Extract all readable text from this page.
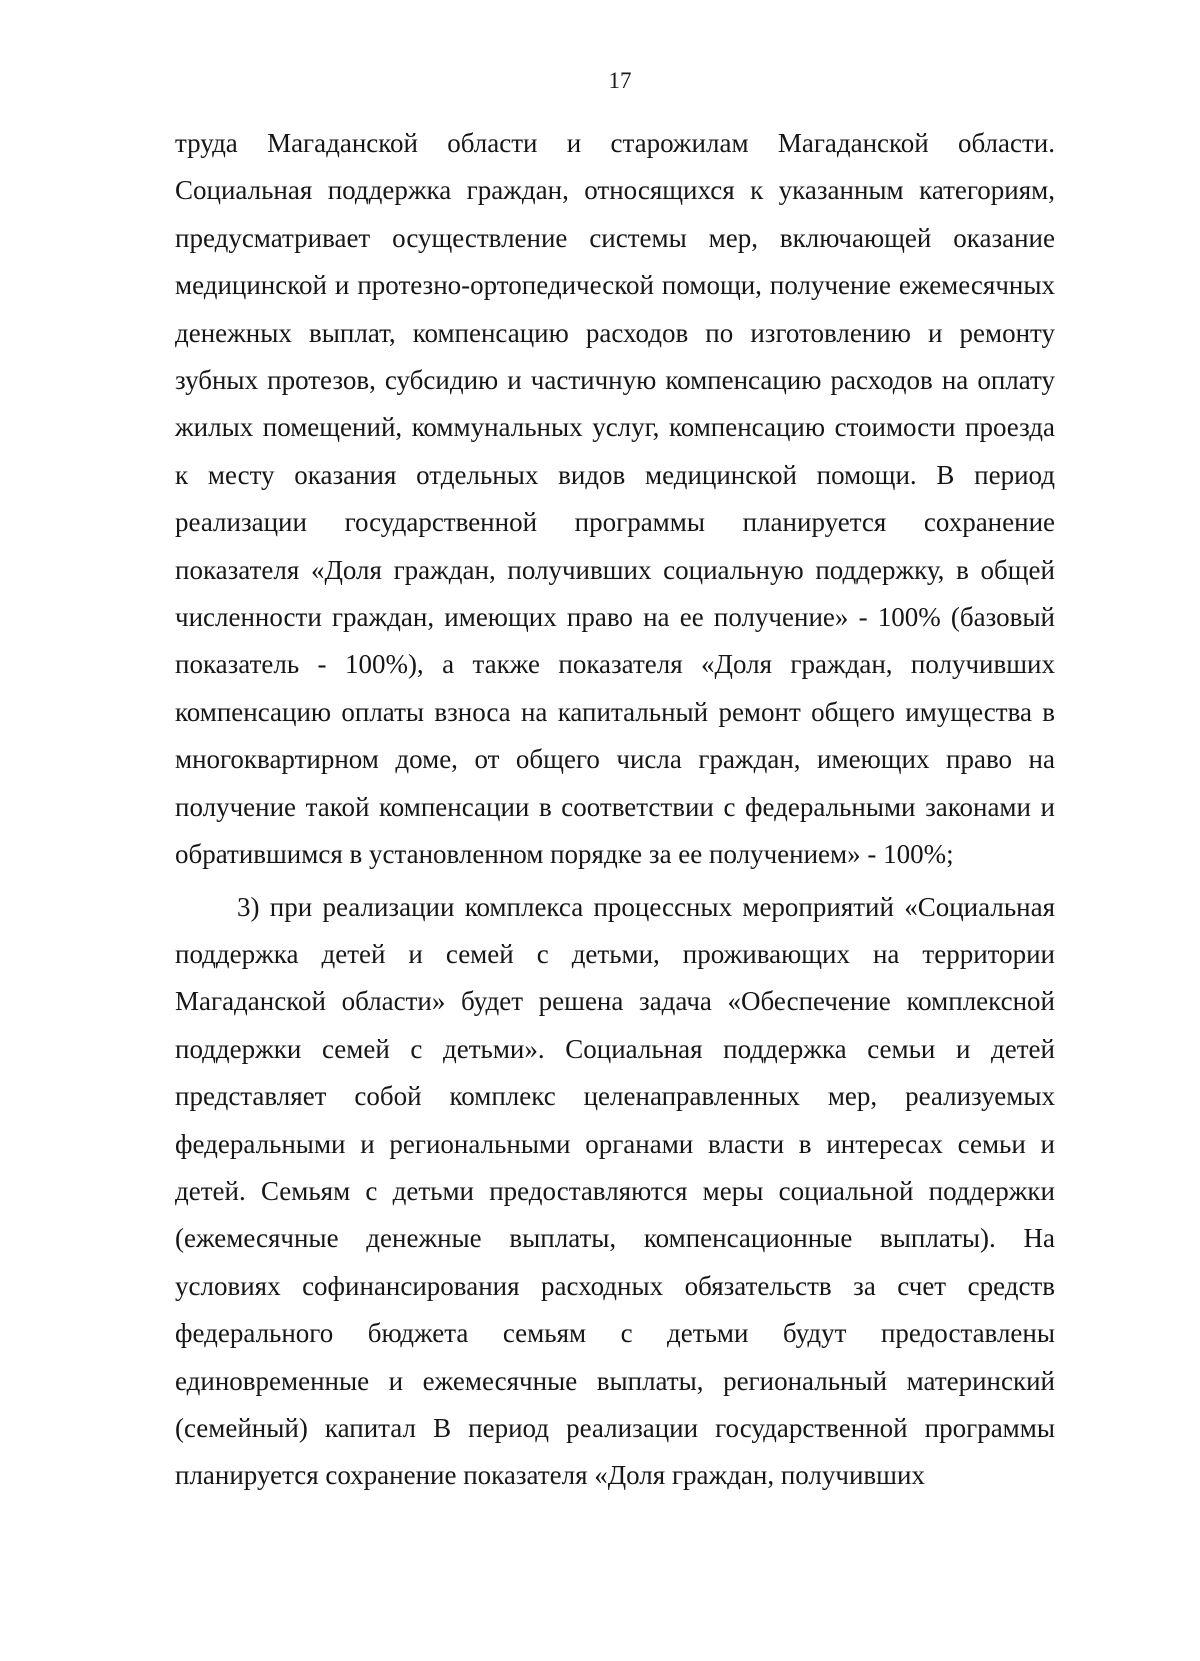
17

труда Магаданской области и старожилам Магаданской области. Социальная поддержка граждан, относящихся к указанным категориям, предусматривает осуществление системы мер, включающей оказание медицинской и протезно-ортопедической помощи, получение ежемесячных денежных выплат, компенсацию расходов по изготовлению и ремонту зубных протезов, субсидию и частичную компенсацию расходов на оплату жилых помещений, коммунальных услуг, компенсацию стоимости проезда к месту оказания отдельных видов медицинской помощи. В период реализации государственной программы планируется сохранение показателя «Доля граждан, получивших социальную поддержку, в общей численности граждан, имеющих право на ее получение» - 100% (базовый показатель - 100%), а также показателя «Доля граждан, получивших компенсацию оплаты взноса на капитальный ремонт общего имущества в многоквартирном доме, от общего числа граждан, имеющих право на получение такой компенсации в соответствии с федеральными законами и обратившимся в установленном порядке за ее получением» - 100%;

3) при реализации комплекса процессных мероприятий «Социальная поддержка детей и семей с детьми, проживающих на территории Магаданской области» будет решена задача «Обеспечение комплексной поддержки семей с детьми». Социальная поддержка семьи и детей представляет собой комплекс целенаправленных мер, реализуемых федеральными и региональными органами власти в интересах семьи и детей. Семьям с детьми предоставляются меры социальной поддержки (ежемесячные денежные выплаты, компенсационные выплаты). На условиях софинансирования расходных обязательств за счет средств федерального бюджета семьям с детьми будут предоставлены единовременные и ежемесячные выплаты, региональный материнский (семейный) капитал В период реализации государственной программы планируется сохранение показателя «Доля граждан, получивших
